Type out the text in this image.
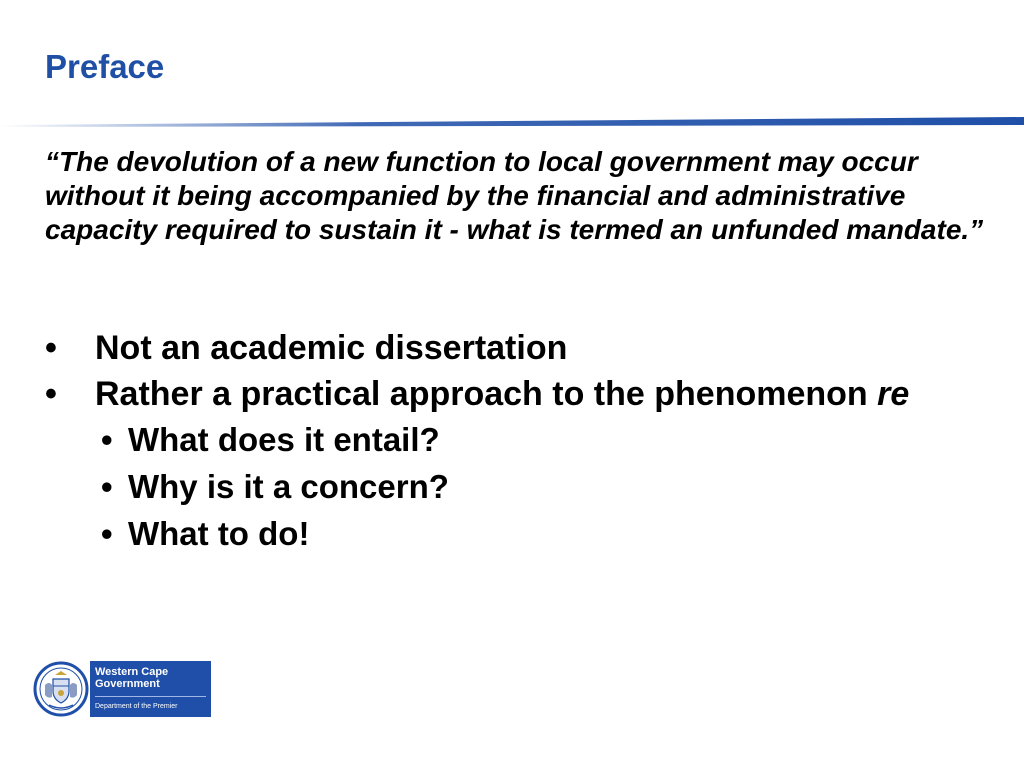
Preface
“The devolution of a new function to local government may occur without it being accompanied by the financial and administrative capacity required to sustain it - what is termed an unfunded mandate.”
• Not an academic dissertation
• Rather a practical approach to the phenomenon re
• What does it entail?
• Why is it a concern?
• What to do!
Western Cape
Government
Department of the Premier
